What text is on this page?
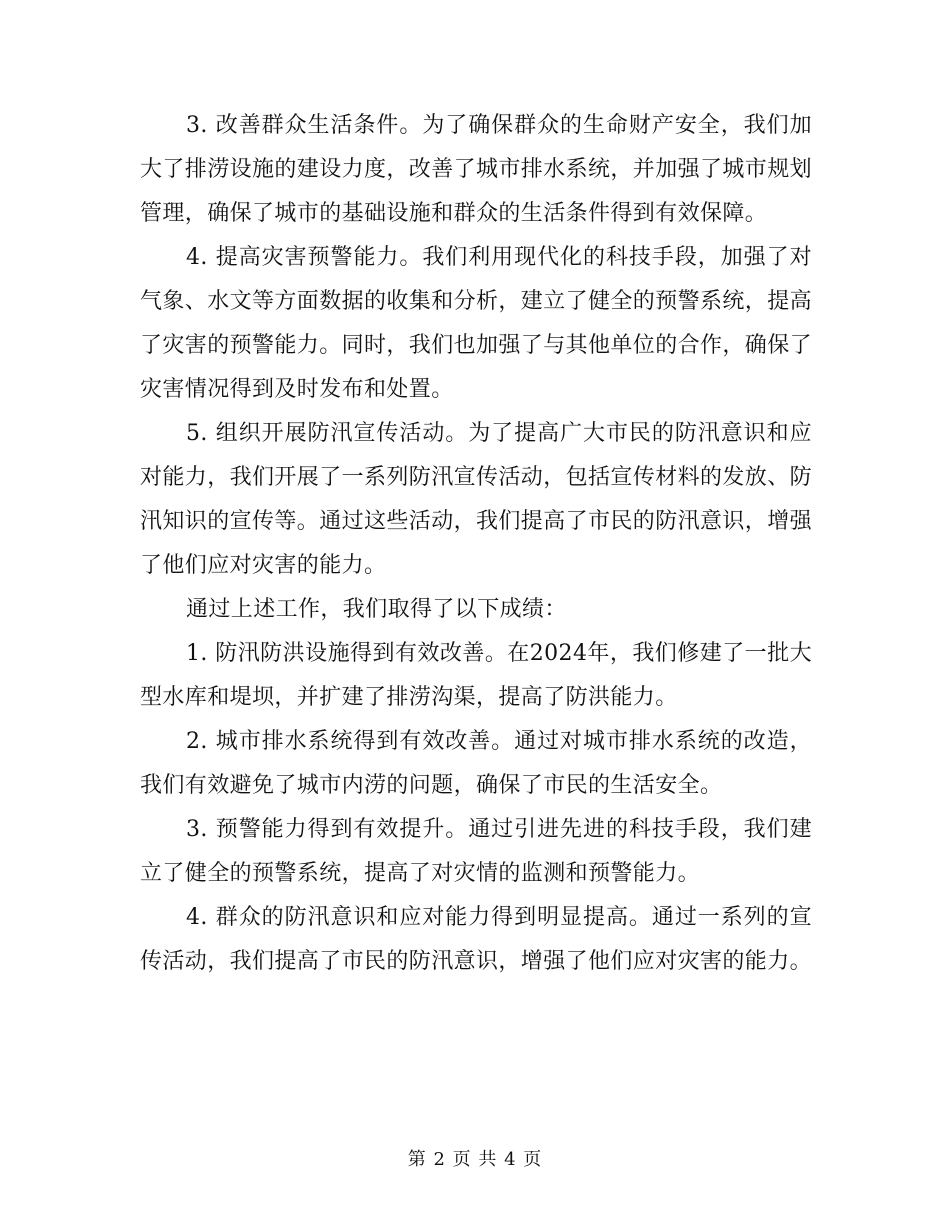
3. 改善群众生活条件。为了确保群众的生命财产安全，我们加大了排涝设施的建设力度，改善了城市排水系统，并加强了城市规划管理，确保了城市的基础设施和群众的生活条件得到有效保障。

4. 提高灾害预警能力。我们利用现代化的科技手段，加强了对气象、水文等方面数据的收集和分析，建立了健全的预警系统，提高了灾害的预警能力。同时，我们也加强了与其他单位的合作，确保了灾害情况得到及时发布和处置。

5. 组织开展防汛宣传活动。为了提高广大市民的防汛意识和应对能力，我们开展了一系列防汛宣传活动，包括宣传材料的发放、防汛知识的宣传等。通过这些活动，我们提高了市民的防汛意识，增强了他们应对灾害的能力。

通过上述工作，我们取得了以下成绩：

1. 防汛防洪设施得到有效改善。在2024年，我们修建了一批大型水库和堤坝，并扩建了排涝沟渠，提高了防洪能力。

2. 城市排水系统得到有效改善。通过对城市排水系统的改造，我们有效避免了城市内涝的问题，确保了市民的生活安全。

3. 预警能力得到有效提升。通过引进先进的科技手段，我们建立了健全的预警系统，提高了对灾情的监测和预警能力。

4. 群众的防汛意识和应对能力得到明显提高。通过一系列的宣传活动，我们提高了市民的防汛意识，增强了他们应对灾害的能力。

第 2 页 共 4 页
